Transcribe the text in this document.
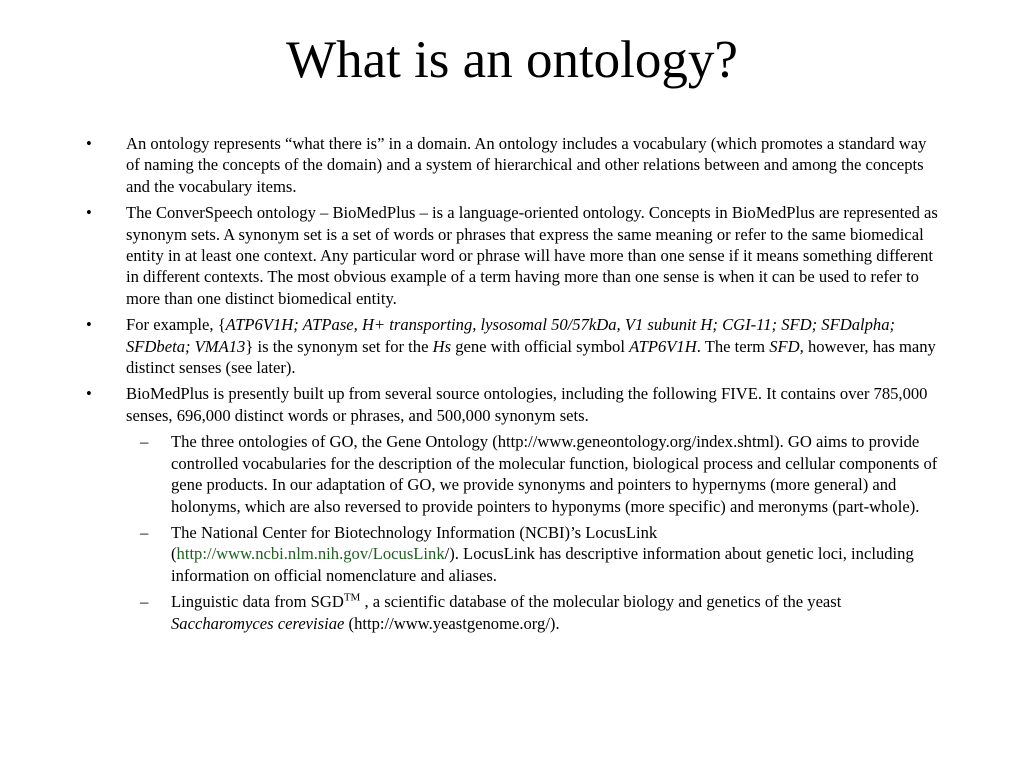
What is an ontology?
• An ontology represents “what there is” in a domain. An ontology includes a vocabulary (which promotes a standard way of naming the concepts of the domain) and a system of hierarchical and other relations between and among the concepts and the vocabulary items.
• The ConverSpeech ontology – BioMedPlus – is a language-oriented ontology. Concepts in BioMedPlus are represented as synonym sets. A synonym set is a set of words or phrases that express the same meaning or refer to the same biomedical entity in at least one context. Any particular word or phrase will have more than one sense if it means something different in different contexts. The most obvious example of a term having more than one sense is when it can be used to refer to more than one distinct biomedical entity.
• For example, {ATP6V1H; ATPase, H+ transporting, lysosomal 50/57kDa, V1 subunit H; CGI-11; SFD; SFDalpha; SFDbeta; VMA13} is the synonym set for the Hs gene with official symbol ATP6V1H. The term SFD, however, has many distinct senses (see later).
• BioMedPlus is presently built up from several source ontologies, including the following FIVE. It contains over 785,000 senses, 696,000 distinct words or phrases, and 500,000 synonym sets.
– The three ontologies of GO, the Gene Ontology (http://www.geneontology.org/index.shtml). GO aims to provide controlled vocabularies for the description of the molecular function, biological process and cellular components of gene products. In our adaptation of GO, we provide synonyms and pointers to hypernyms (more general) and holonyms, which are also reversed to provide pointers to hyponyms (more specific) and meronyms (part-whole).
– The National Center for Biotechnology Information (NCBI)’s LocusLink (http://www.ncbi.nlm.nih.gov/LocusLink/). LocusLink has descriptive information about genetic loci, including information on official nomenclature and aliases.
– Linguistic data from SGD™ , a scientific database of the molecular biology and genetics of the yeast Saccharomyces cerevisiae (http://www.yeastgenome.org/).
